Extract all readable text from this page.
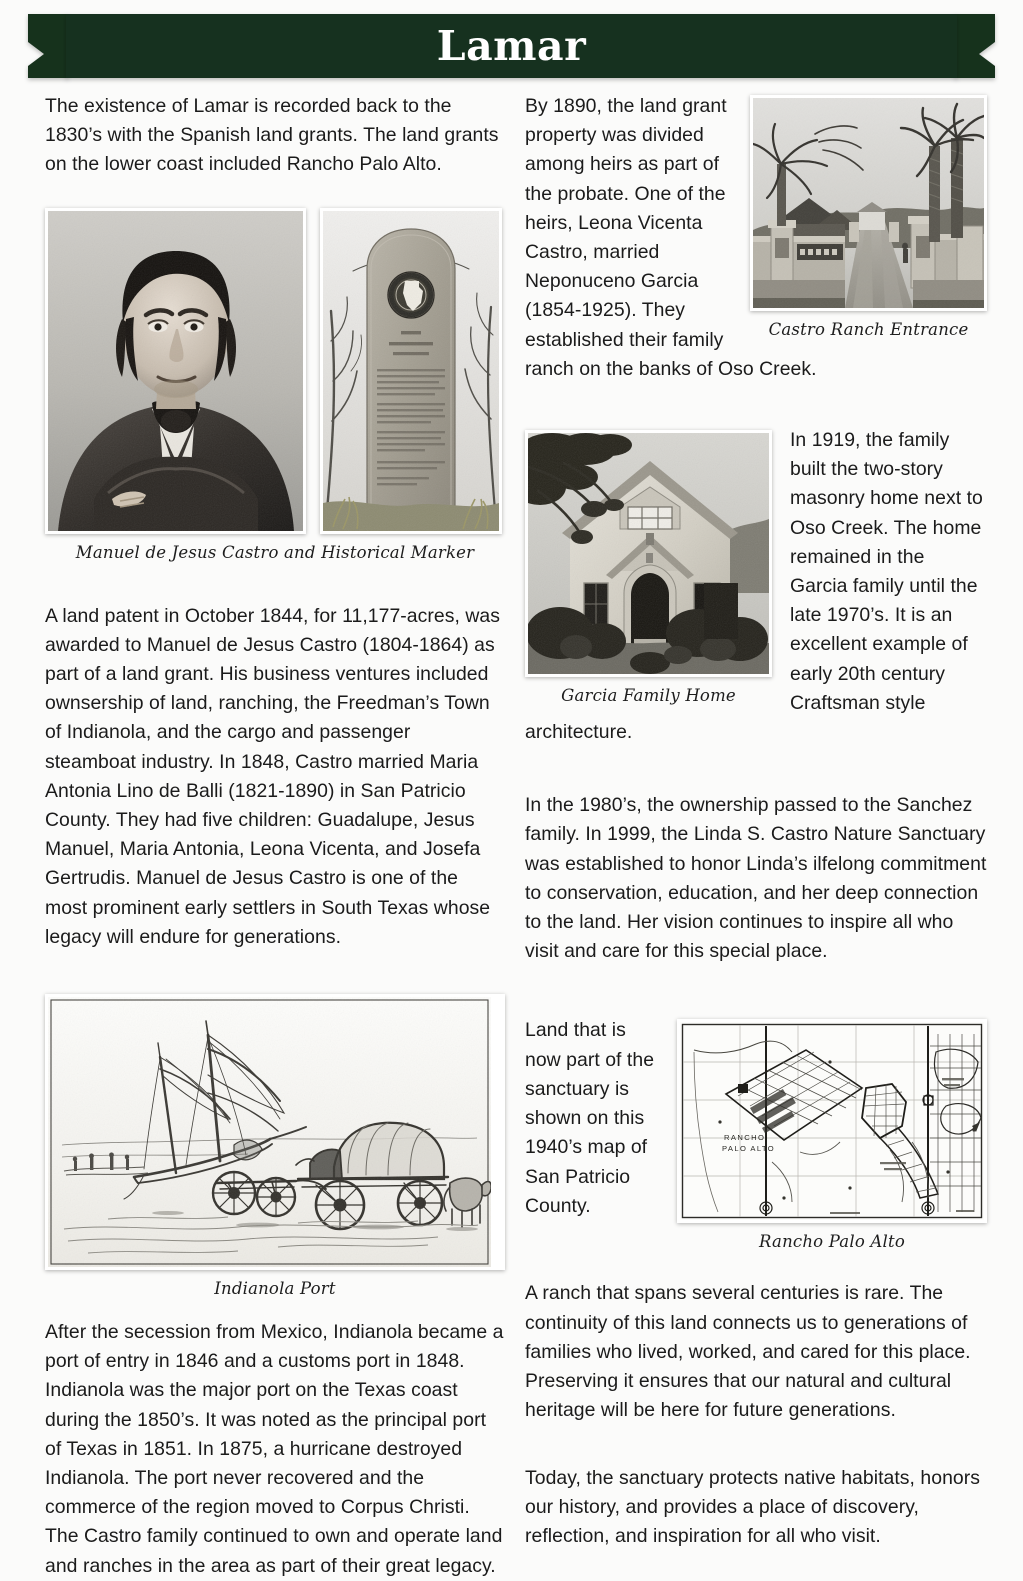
Lamar

The existence of Lamar is recorded back to the 1830’s with the Spanish land grants. The land grants on the lower coast included Rancho Palo Alto.

Manuel de Jesus Castro and Historical Marker

A land patent in October 1844, for 11,177-acres, was awarded to Manuel de Jesus Castro (1804-1864) as part of a land grant. His business ventures included ownsership of land, ranching, the Freedman’s Town of Indianola, and the cargo and passenger steamboat industry. In 1848, Castro married Maria Antonia Lino de Balli (1821-1890) in San Patricio County. They had five children: Guadalupe, Jesus Manuel, Maria Antonia, Leona Vicenta, and Josefa Gertrudis. Manuel de Jesus Castro is one of the most prominent early settlers in South Texas whose legacy will endure for generations.

Indianola Port

After the secession from Mexico, Indianola became a port of entry in 1846 and a customs port in 1848. Indianola was the major port on the Texas coast during the 1850’s. It was noted as the principal port of Texas in 1851. In 1875, a hurricane destroyed Indianola. The port never recovered and the commerce of the region moved to Corpus Christi. The Castro family continued to own and operate land and ranches in the area as part of their great legacy.

Castro Ranch Entrance

By 1890, the land grant property was divided among heirs as part of the probate. One of the heirs, Leona Vicenta Castro, married Neponuceno Garcia (1854-1925). They established their family ranch on the banks of Oso Creek.

Garcia Family Home

In 1919, the family built the two-story masonry home next to Oso Creek. The home remained in the Garcia family until the late 1970’s. It is an excellent example of early 20th century Craftsman style architecture.

In the 1980’s, the ownership passed to the Sanchez family. In 1999, the Linda S. Castro Nature Sanctuary was established to honor Linda’s ilfelong commitment to conservation, education, and her deep connection to the land. Her vision continues to inspire all who visit and care for this special place.

RANCHO
PALO ALTO
Rancho Palo Alto

Land that is now part of the sanctuary is shown on this 1940’s map of San Patricio County.

A ranch that spans several centuries is rare. The continuity of this land connects us to generations of families who lived, worked, and cared for this place. Preserving it ensures that our natural and cultural heritage will be here for future generations.

Today, the sanctuary protects native habitats, honors our history, and provides a place of discovery, reflection, and inspiration for all who visit.
